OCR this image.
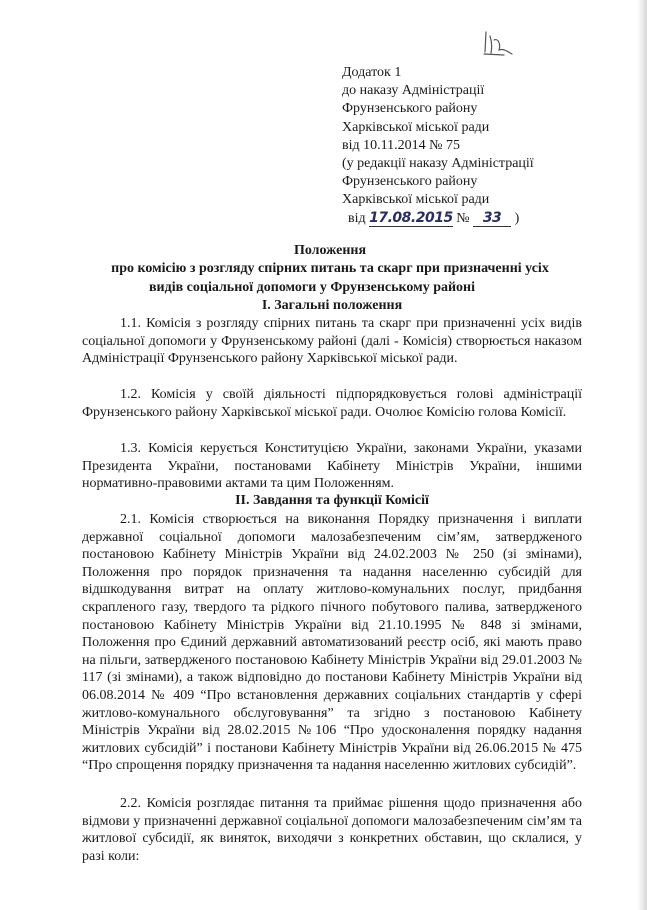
Додаток 1
до наказу Адміністрації
Фрунзенського району
Харківської міської ради
від 10.11.2014 № 75
(у редакції наказу Адміністрації
Фрунзенського району
Харківської міської ради
від 17.08.2015 № 33 )
Положення
про комісію з розгляду спірних питань та скарг при призначенні усіх
видів соціальної допомоги у Фрунзенському районі
І. Загальні положення

1.1. Комісія з розгляду спірних питань та скарг при призначенні усіх видів соціальної допомоги у Фрунзенському районі (далі - Комісія) створюється наказом Адміністрації Фрунзенського району Харківської міської ради.

1.2. Комісія у своїй діяльності підпорядковується голові адміністрації Фрунзенського району Харківської міської ради. Очолює Комісію голова Комісії.

1.3. Комісія керується Конституцією України, законами України, указами Президента України, постановами Кабінету Міністрів України, іншими нормативно-правовими актами та цим Положенням.

ІІ. Завдання та функції Комісії

2.1. Комісія створюється на виконання Порядку призначення і виплати державної соціальної допомоги малозабезпеченим сім’ям, затвердженого постановою Кабінету Міністрів України від 24.02.2003 № 250 (зі змінами), Положення про порядок призначення та надання населенню субсидій для відшкодування витрат на оплату житлово-комунальних послуг, придбання скрапленого газу, твердого та рідкого пічного побутового палива, затвердженого постановою Кабінету Міністрів України від 21.10.1995 № 848 зі змінами, Положення про Єдиний державний автоматизований реєстр осіб, які мають право на пільги, затвердженого постановою Кабінету Міністрів України від 29.01.2003 № 117 (зі змінами), а також відповідно до постанови Кабінету Міністрів України від 06.08.2014 № 409 “Про встановлення державних соціальних стандартів у сфері житлово-комунального обслуговування” та згідно з постановою Кабінету Міністрів України від 28.02.2015 №106 “Про удосконалення порядку надання житлових субсидій” і постанови Кабінету Міністрів України від 26.06.2015 № 475 “Про спрощення порядку призначення та надання населенню житлових субсидій”.

2.2. Комісія розглядає питання та приймає рішення щодо призначення або відмови у призначенні державної соціальної допомоги малозабезпеченим сім’ям та житлової субсидії, як виняток, виходячи з конкретних обставин, що склалися, у разі коли:
